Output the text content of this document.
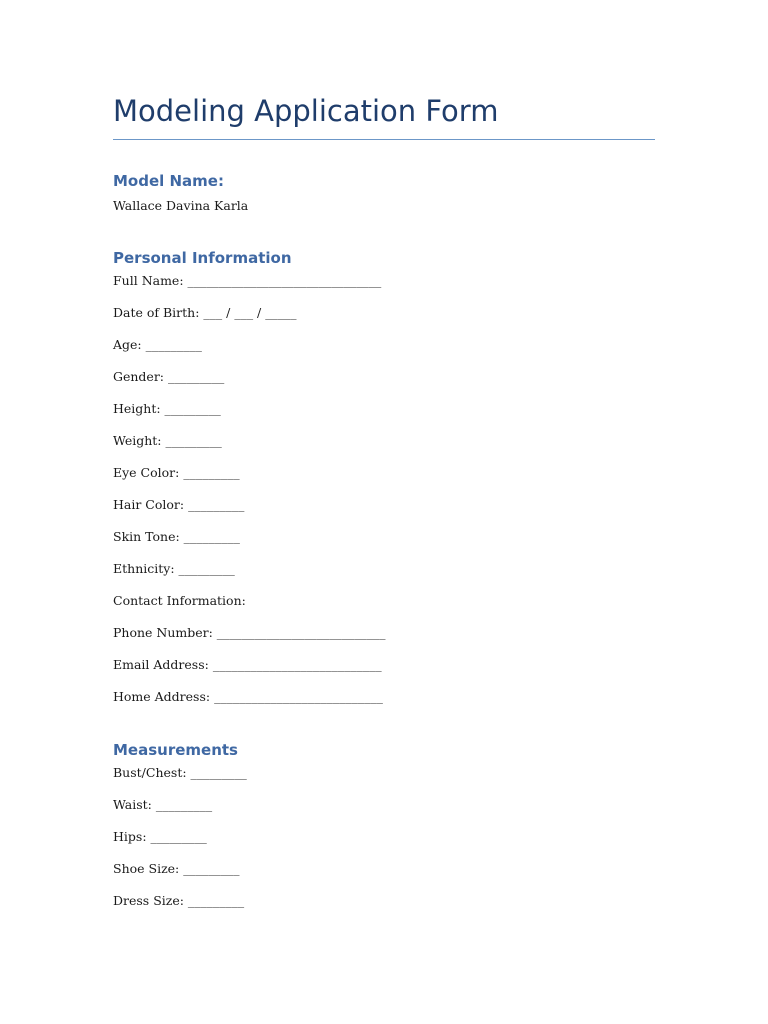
Modeling Application Form
Model Name:
Wallace Davina Karla
Personal Information
Full Name: _______________________________
Date of Birth: ___ / ___ / _____
Age: _________
Gender: _________
Height: _________
Weight: _________
Eye Color: _________
Hair Color: _________
Skin Tone: _________
Ethnicity: _________
Contact Information:
Phone Number: ___________________________
Email Address: ___________________________
Home Address: ___________________________
Measurements
Bust/Chest: _________
Waist: _________
Hips: _________
Shoe Size: _________
Dress Size: _________
